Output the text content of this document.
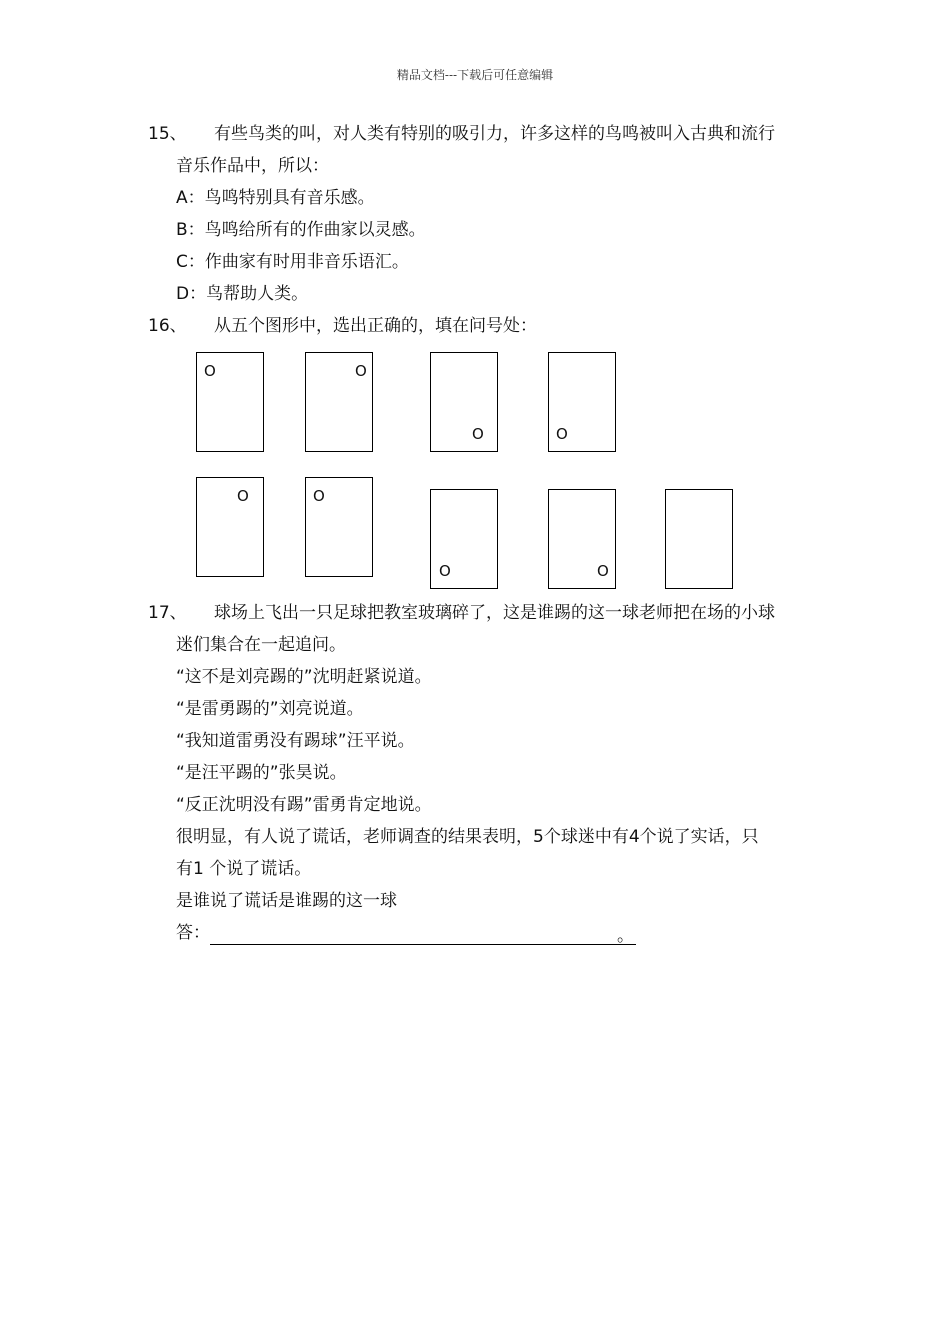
精品文档---下载后可任意编辑
15、 有些鸟类的叫，对人类有特别的吸引力，许多这样的鸟鸣被叫入古典和流行
音乐作品中，所以：
A：鸟鸣特别具有音乐感。
B：鸟鸣给所有的作曲家以灵感。
C：作曲家有时用非音乐语汇。
D：鸟帮助人类。
16、 从五个图形中，选出正确的，填在问号处：
O	O
O	O
O	O
O	O
17、 球场上飞出一只足球把教室玻璃碎了，这是谁踢的这一球老师把在场的小球
迷们集合在一起追问。
“这不是刘亮踢的”沈明赶紧说道。
“是雷勇踢的”刘亮说道。
“我知道雷勇没有踢球”汪平说。
“是汪平踢的”张昊说。
“反正沈明没有踢”雷勇肯定地说。
很明显，有人说了谎话，老师调查的结果表明，5个球迷中有4个说了实话，只
有1 个说了谎话。
是谁说了谎话是谁踢的这一球
答：	。
